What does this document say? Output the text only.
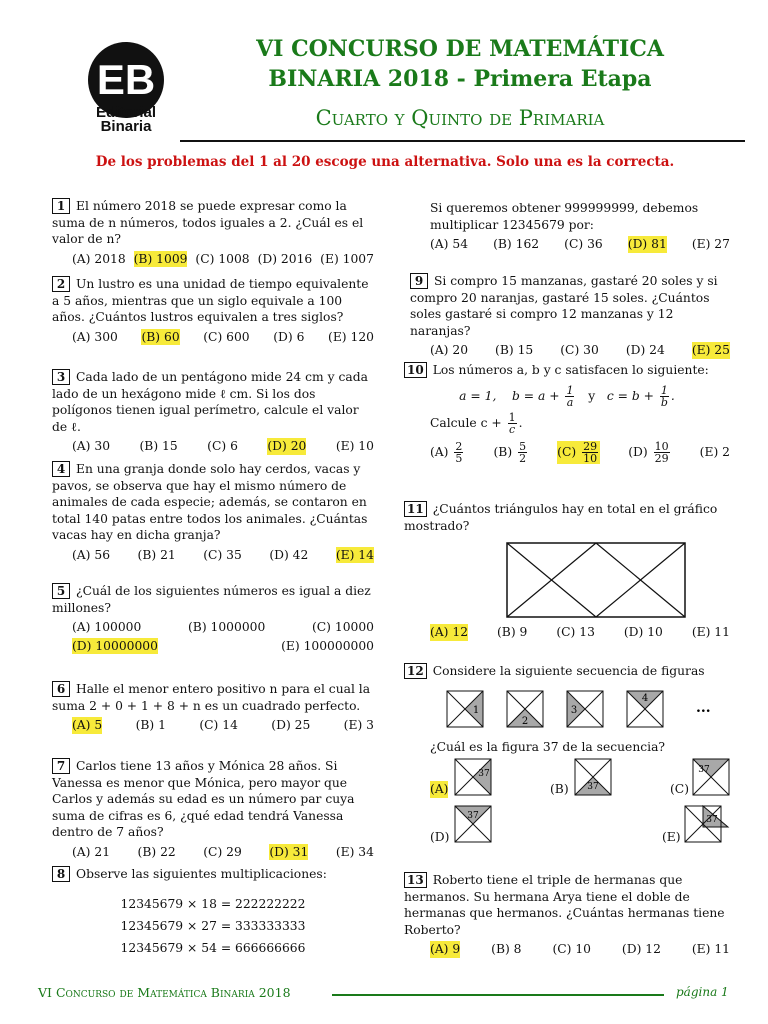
EB
Editorial
Binaria
VI CONCURSO DE MATEMÁTICA
BINARIA 2018 - Primera Etapa
Cuarto y Quinto de Primaria
De los problemas del 1 al 20 escoge una alternativa. Solo una es la correcta.
1 El número 2018 se puede expresar como la suma de n números, todos iguales a 2. ¿Cuál es el valor de n?
(A) 2018 (B) 1009 (C) 1008 (D) 2016 (E) 1007
2 Un lustro es una unidad de tiempo equivalente a 5 años, mientras que un siglo equivale a 100 años. ¿Cuántos lustros equivalen a tres siglos?
(A) 300 (B) 60 (C) 600 (D) 6 (E) 120
3 Cada lado de un pentágono mide 24 cm y cada lado de un hexágono mide ℓ cm. Si los dos polígonos tienen igual perímetro, calcule el valor de ℓ.
(A) 30 (B) 15 (C) 6 (D) 20 (E) 10
4 En una granja donde solo hay cerdos, vacas y pavos, se observa que hay el mismo número de animales de cada especie; además, se contaron en total 140 patas entre todos los animales. ¿Cuántas vacas hay en dicha granja?
(A) 56 (B) 21 (C) 35 (D) 42 (E) 14
5 ¿Cuál de los siguientes números es igual a diez millones?
(A) 100000	(B) 1000000	(C) 10000
(D) 10000000	(E) 100000000
6 Halle el menor entero positivo n para el cual la suma 2 + 0 + 1 + 8 + n es un cuadrado perfecto.
(A) 5	(B) 1	(C) 14	(D) 25	(E) 3
7 Carlos tiene 13 años y Mónica 28 años. Si Vanessa es menor que Mónica, pero mayor que Carlos y además su edad es un número par cuya suma de cifras es 6, ¿qué edad tendrá Vanessa dentro de 7 años?
(A) 21 (B) 22 (C) 29 (D) 31 (E) 34
8 Observe las siguientes multiplicaciones:
12345679 × 18 = 222222222
12345679 × 27 = 333333333
12345679 × 54 = 666666666
Si queremos obtener 999999999, debemos multiplicar 12345679 por:
(A) 54 (B) 162 (C) 36 (D) 81 (E) 27
9 Si compro 15 manzanas, gastaré 20 soles y si compro 20 naranjas, gastaré 15 soles. ¿Cuántos soles gastaré si compro 12 manzanas y 12 naranjas?
(A) 20 (B) 15 (C) 30 (D) 24 (E) 25
10 Los números a, b y c satisfacen lo siguiente:
a = 1, $b = a + \frac{1}{a}$ y $c = b + \frac{1}{b}$ .
Calcule $c + \frac{1}{c}$ .
$(A) \frac{2}{5} (B) \frac{5}{2} (C) \frac{29}{10} (D) \frac{10}{29} (E)$ 2
11 ¿Cuántos triángulos hay en total en el gráfico mostrado?
(A) 12 (B) 9 (C) 13 (D) 10 (E) 11
12 Considere la siguiente secuencia de figuras
1
2
3
4
...
¿Cuál es la figura 37 de la secuencia?
(A)
37
(B) 37	(C)
37
(D)
37
(E)
37
13 Roberto tiene el triple de hermanas que hermanos. Su hermana Arya tiene el doble de hermanas que hermanos. ¿Cuántas hermanas tiene Roberto?
(A) 9	(B) 8	(C) 10	(D) 12	(E) 11
VI Concurso de Matemática Binaria 2018	página 1
